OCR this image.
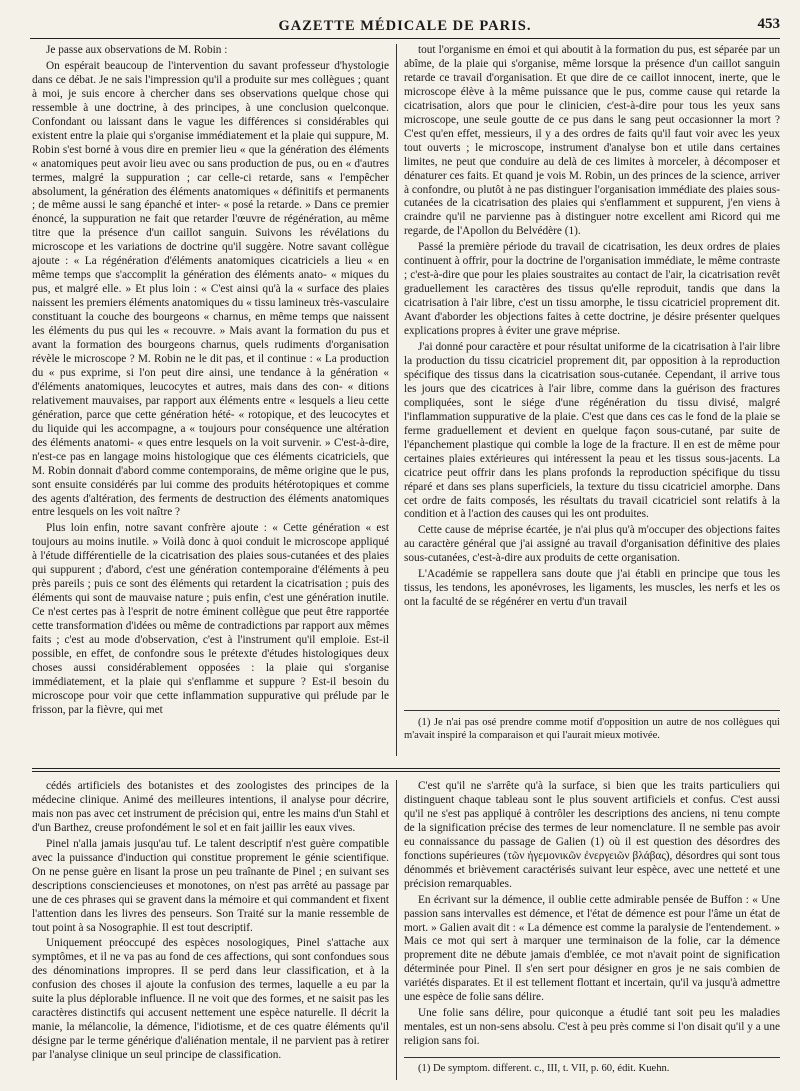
GAZETTE MÉDICALE DE PARIS.	453

Je passe aux observations de M. Robin :

On espérait beaucoup de l'intervention du savant professeur d'hystologie dans ce débat. Je ne sais l'impression qu'il a produite sur mes collègues ; quant à moi, je suis encore à chercher dans ses observations quelque chose qui ressemble à une doctrine, à des principes, à une conclusion quelconque. Confondant ou laissant dans le vague les différences si considérables qui existent entre la plaie qui s'organise immédiatement et la plaie qui suppure, M. Robin s'est borné à vous dire en premier lieu « que la génération des éléments « anatomiques peut avoir lieu avec ou sans production de pus, ou en « d'autres termes, malgré la suppuration ; car celle-ci retarde, sans « l'empêcher absolument, la génération des éléments anatomiques « définitifs et permanents ; de même aussi le sang épanché et inter- « posé la retarde. » Dans ce premier énoncé, la suppuration ne fait que retarder l'œuvre de régénération, au même titre que la présence d'un caillot sanguin. Suivons les révélations du microscope et les variations de doctrine qu'il suggère. Notre savant collègue ajoute : « La régénération d'éléments anatomiques cicatriciels a lieu « en même temps que s'accomplit la génération des éléments anato- « miques du pus, et malgré elle. » Et plus loin : « C'est ainsi qu'à la « surface des plaies naissent les premiers éléments anatomiques du « tissu lamineux très-vasculaire constituant la couche des bourgeons « charnus, en même temps que naissent les éléments du pus qui les « recouvre. » Mais avant la formation du pus et avant la formation des bourgeons charnus, quels rudiments d'organisation révèle le microscope ? M. Robin ne le dit pas, et il continue : « La production du « pus exprime, si l'on peut dire ainsi, une tendance à la génération « d'éléments anatomiques, leucocytes et autres, mais dans des con- « ditions relativement mauvaises, par rapport aux éléments entre « lesquels a lieu cette génération, parce que cette génération hété- « rotopique, et des leucocytes et du liquide qui les accompagne, a « toujours pour conséquence une altération des éléments anatomi- « ques entre lesquels on la voit survenir. » C'est-à-dire, n'est-ce pas en langage moins histologique que ces éléments cicatriciels, que M. Robin donnait d'abord comme contemporains, de même origine que le pus, sont ensuite considérés par lui comme des produits hétérotopiques et comme des agents d'altération, des ferments de destruction des éléments anatomiques entre lesquels on les voit naître ?

Plus loin enfin, notre savant confrère ajoute : « Cette génération « est toujours au moins inutile. » Voilà donc à quoi conduit le microscope appliqué à l'étude différentielle de la cicatrisation des plaies sous-cutanées et des plaies qui suppurent ; d'abord, c'est une génération contemporaine d'éléments à peu près pareils ; puis ce sont des éléments qui retardent la cicatrisation ; puis des éléments qui sont de mauvaise nature ; puis enfin, c'est une génération inutile. Ce n'est certes pas à l'esprit de notre éminent collègue que peut être rapportée cette transformation d'idées ou même de contradictions par rapport aux mêmes faits ; c'est au mode d'observation, c'est à l'instrument qu'il emploie. Est-il possible, en effet, de confondre sous le prétexte d'études histologiques deux choses aussi considérablement opposées : la plaie qui s'organise immédiatement, et la plaie qui s'enflamme et suppure ? Est-il besoin du microscope pour voir que cette inflammation suppurative qui prélude par le frisson, par la fièvre, qui met

tout l'organisme en émoi et qui aboutit à la formation du pus, est séparée par un abîme, de la plaie qui s'organise, même lorsque la présence d'un caillot sanguin retarde ce travail d'organisation. Et que dire de ce caillot innocent, inerte, que le microscope élève à la même puissance que le pus, comme cause qui retarde la cicatrisation, alors que pour le clinicien, c'est-à-dire pour tous les yeux sans microscope, une seule goutte de ce pus dans le sang peut occasionner la mort ? C'est qu'en effet, messieurs, il y a des ordres de faits qu'il faut voir avec les yeux tout ouverts ; le microscope, instrument d'analyse bon et utile dans certaines limites, ne peut que conduire au delà de ces limites à morceler, à décomposer et dénaturer ces faits. Et quand je vois M. Robin, un des princes de la science, arriver à confondre, ou plutôt à ne pas distinguer l'organisation immédiate des plaies sous-cutanées de la cicatrisation des plaies qui s'enflamment et suppurent, j'en viens à craindre qu'il ne parvienne pas à distinguer notre excellent ami Ricord qui me regarde, de l'Apollon du Belvédère (1).

Passé la première période du travail de cicatrisation, les deux ordres de plaies continuent à offrir, pour la doctrine de l'organisation immédiate, le même contraste ; c'est-à-dire que pour les plaies soustraites au contact de l'air, la cicatrisation revêt graduellement les caractères des tissus qu'elle reproduit, tandis que dans la cicatrisation à l'air libre, c'est un tissu amorphe, le tissu cicatriciel proprement dit. Avant d'aborder les objections faites à cette doctrine, je désire présenter quelques explications propres à éviter une grave méprise.

J'ai donné pour caractère et pour résultat uniforme de la cicatrisation à l'air libre la production du tissu cicatriciel proprement dit, par opposition à la reproduction spécifique des tissus dans la cicatrisation sous-cutanée. Cependant, il arrive tous les jours que des cicatrices à l'air libre, comme dans la guérison des fractures compliquées, sont le siége d'une régénération du tissu divisé, malgré l'inflammation suppurative de la plaie. C'est que dans ces cas le fond de la plaie se ferme graduellement et devient en quelque façon sous-cutané, par suite de l'épanchement plastique qui comble la loge de la fracture. Il en est de même pour certaines plaies extérieures qui intéressent la peau et les tissus sous-jacents. La cicatrice peut offrir dans les plans profonds la reproduction spécifique du tissu réparé et dans ses plans superficiels, la texture du tissu cicatriciel amorphe. Dans cet ordre de faits composés, les résultats du travail cicatriciel sont relatifs à la condition et à l'action des causes qui les ont produites.

Cette cause de méprise écartée, je n'ai plus qu'à m'occuper des objections faites au caractère général que j'ai assigné au travail d'organisation définitive des plaies sous-cutanées, c'est-à-dire aux produits de cette organisation.

L'Académie se rappellera sans doute que j'ai établi en principe que tous les tissus, les tendons, les aponévroses, les ligaments, les muscles, les nerfs et les os ont la faculté de se régénérer en vertu d'un travail

(1) Je n'ai pas osé prendre comme motif d'opposition un autre de nos collègues qui m'avait inspiré la comparaison et qui l'aurait mieux motivée.

cédés artificiels des botanistes et des zoologistes des principes de la médecine clinique. Animé des meilleures intentions, il analyse pour décrire, mais non pas avec cet instrument de précision qui, entre les mains d'un Stahl et d'un Barthez, creuse profondément le sol et en fait jaillir les eaux vives.

Pinel n'alla jamais jusqu'au tuf. Le talent descriptif n'est guère compatible avec la puissance d'induction qui constitue proprement le génie scientifique. On ne pense guère en lisant la prose un peu traînante de Pinel ; en suivant ses descriptions consciencieuses et monotones, on n'est pas arrêté au passage par une de ces phrases qui se gravent dans la mémoire et qui commandent et fixent l'attention dans les livres des penseurs. Son Traité sur la manie ressemble de tout point à sa Nosographie. Il est tout descriptif.

Uniquement préoccupé des espèces nosologiques, Pinel s'attache aux symptômes, et il ne va pas au fond de ces affections, qui sont confondues sous des dénominations impropres. Il se perd dans leur classification, et à la confusion des choses il ajoute la confusion des termes, laquelle a eu par la suite la plus déplorable influence. Il ne voit que des formes, et ne saisit pas les caractères distinctifs qui accusent nettement une espèce naturelle. Il décrit la manie, la mélancolie, la démence, l'idiotisme, et de ces quatre éléments qu'il désigne par le terme générique d'aliénation mentale, il ne parvient pas à retirer par l'analyse clinique un seul principe de classification.

C'est qu'il ne s'arrête qu'à la surface, si bien que les traits particuliers qui distinguent chaque tableau sont le plus souvent artificiels et confus. C'est aussi qu'il ne s'est pas appliqué à contrôler les descriptions des anciens, ni tenu compte de la signification précise des termes de leur nomenclature. Il ne semble pas avoir eu connaissance du passage de Galien (1) où il est question des désordres des fonctions supérieures (τῶν ἡγεμονικῶν ἐνεργειῶν βλάβας), désordres qui sont tous dénommés et brièvement caractérisés suivant leur espèce, avec une netteté et une précision remarquables.

En écrivant sur la démence, il oublie cette admirable pensée de Buffon : « Une passion sans intervalles est démence, et l'état de démence est pour l'âme un état de mort. » Galien avait dit : « La démence est comme la paralysie de l'entendement. » Mais ce mot qui sert à marquer une terminaison de la folie, car la démence proprement dite ne débute jamais d'emblée, ce mot n'avait point de signification déterminée pour Pinel. Il s'en sert pour désigner en gros je ne sais combien de variétés disparates. Et il est tellement flottant et incertain, qu'il va jusqu'à admettre une espèce de folie sans délire.

Une folie sans délire, pour quiconque a étudié tant soit peu les maladies mentales, est un non-sens absolu. C'est à peu près comme si l'on disait qu'il y a une religion sans foi.

(1) De symptom. different. c., III, t. VII, p. 60, édit. Kuehn.
